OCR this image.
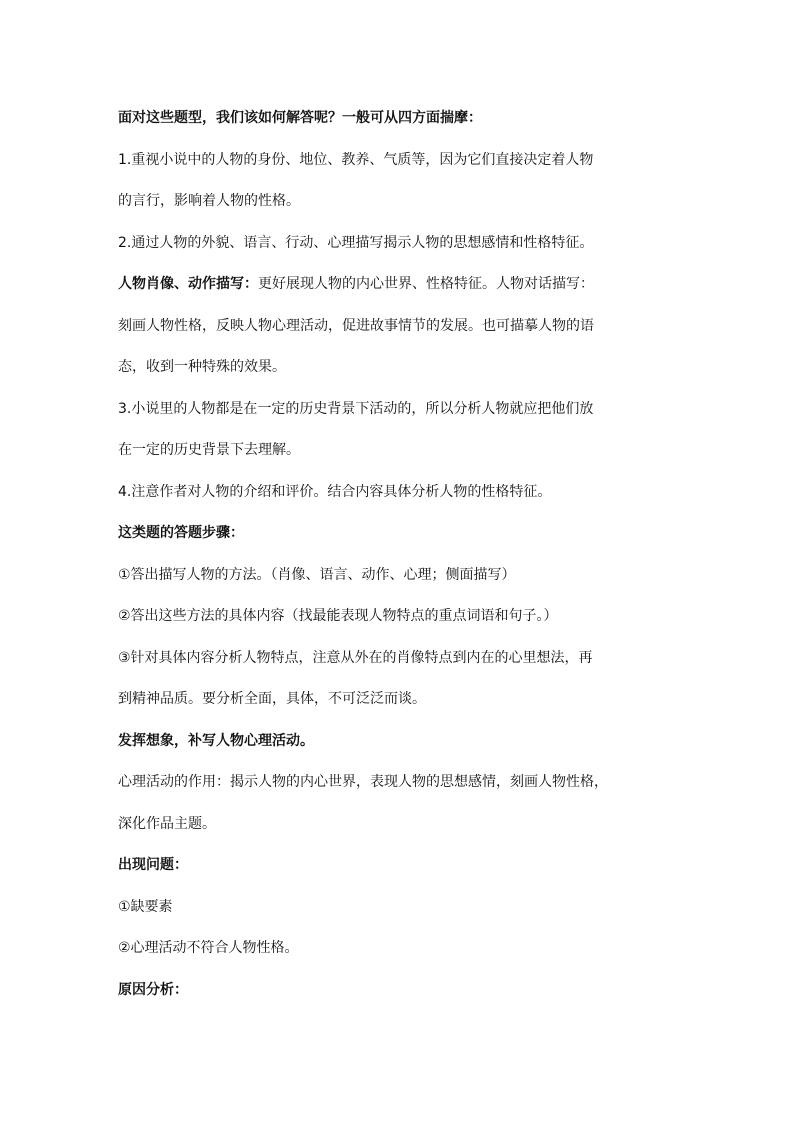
面对这些题型，我们该如何解答呢？一般可从四方面揣摩：
1.重视小说中的人物的身份、地位、教养、气质等，因为它们直接决定着人物
的言行，影响着人物的性格。
2.通过人物的外貌、语言、行动、心理描写揭示人物的思想感情和性格特征。
人物肖像、动作描写：更好展现人物的内心世界、性格特征。人物对话描写：
刻画人物性格，反映人物心理活动，促进故事情节的发展。也可描摹人物的语
态，收到一种特殊的效果。
3.小说里的人物都是在一定的历史背景下活动的，所以分析人物就应把他们放
在一定的历史背景下去理解。
4.注意作者对人物的介绍和评价。结合内容具体分析人物的性格特征。
这类题的答题步骤：
①答出描写人物的方法。（肖像、语言、动作、心理；侧面描写）
②答出这些方法的具体内容（找最能表现人物特点的重点词语和句子。）
③针对具体内容分析人物特点，注意从外在的肖像特点到内在的心里想法，再
到精神品质。要分析全面，具体，不可泛泛而谈。
发挥想象，补写人物心理活动。
心理活动的作用：揭示人物的内心世界，表现人物的思想感情，刻画人物性格，
深化作品主题。
出现问题：
①缺要素
②心理活动不符合人物性格。
原因分析：
